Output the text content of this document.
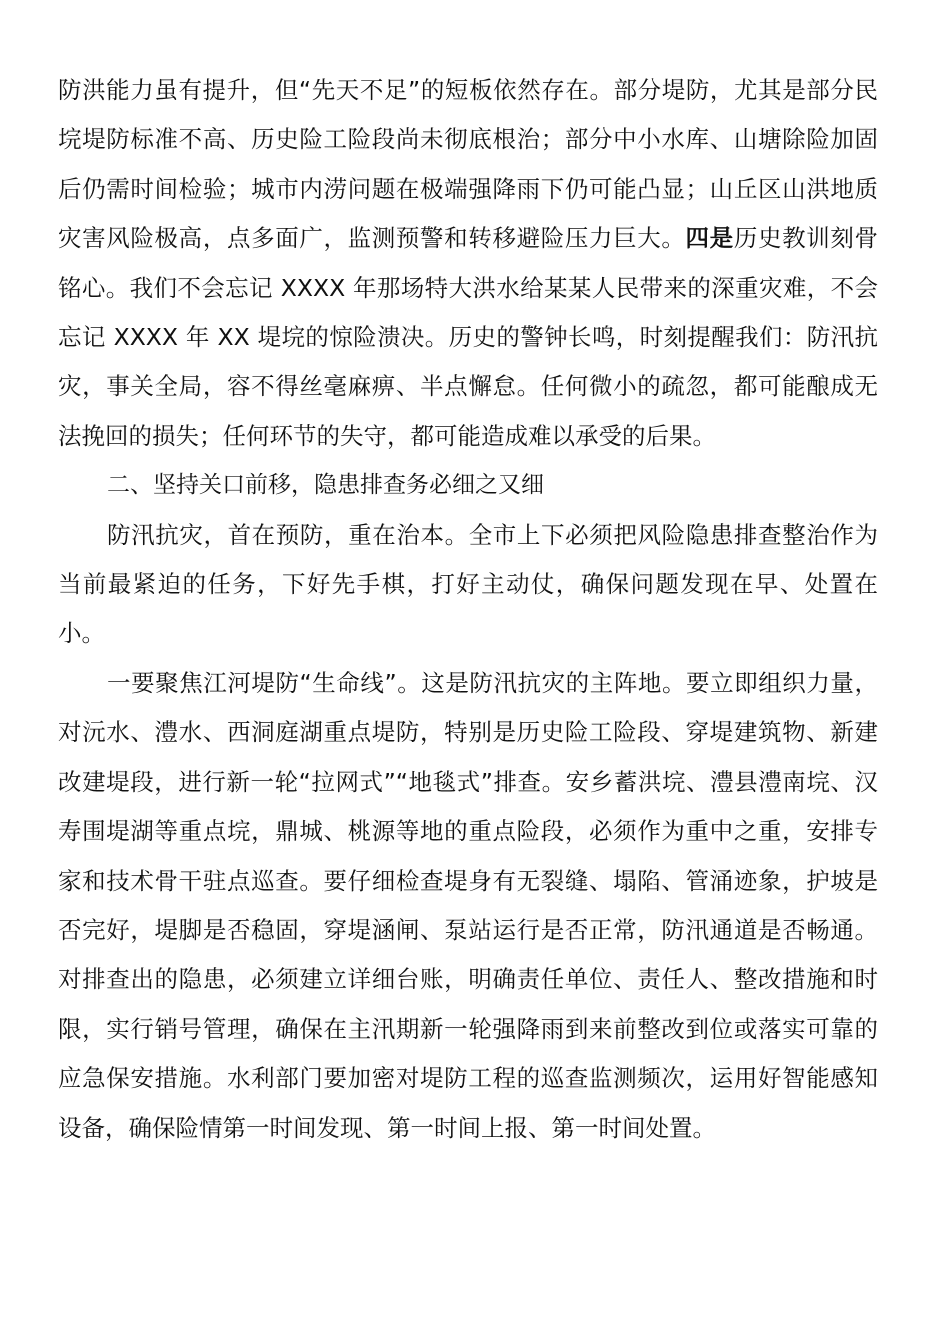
防洪能力虽有提升，但“先天不足”的短板依然存在。部分堤防，尤其是部分民垸堤防标准不高、历史险工险段尚未彻底根治；部分中小水库、山塘除险加固后仍需时间检验；城市内涝问题在极端强降雨下仍可能凸显；山丘区山洪地质灾害风险极高，点多面广，监测预警和转移避险压力巨大。四是历史教训刻骨铭心。我们不会忘记 XXXX 年那场特大洪水给某某人民带来的深重灾难，不会忘记 XXXX 年 XX 堤垸的惊险溃决。历史的警钟长鸣，时刻提醒我们：防汛抗灾，事关全局，容不得丝毫麻痹、半点懈怠。任何微小的疏忽，都可能酿成无法挽回的损失；任何环节的失守，都可能造成难以承受的后果。

二、坚持关口前移，隐患排查务必细之又细

防汛抗灾，首在预防，重在治本。全市上下必须把风险隐患排查整治作为当前最紧迫的任务，下好先手棋，打好主动仗，确保问题发现在早、处置在小。

一要聚焦江河堤防“生命线”。这是防汛抗灾的主阵地。要立即组织力量，对沅水、澧水、西洞庭湖重点堤防，特别是历史险工险段、穿堤建筑物、新建改建堤段，进行新一轮“拉网式”“地毯式”排查。安乡蓄洪垸、澧县澧南垸、汉寿围堤湖等重点垸，鼎城、桃源等地的重点险段，必须作为重中之重，安排专家和技术骨干驻点巡查。要仔细检查堤身有无裂缝、塌陷、管涌迹象，护坡是否完好，堤脚是否稳固，穿堤涵闸、泵站运行是否正常，防汛通道是否畅通。对排查出的隐患，必须建立详细台账，明确责任单位、责任人、整改措施和时限，实行销号管理，确保在主汛期新一轮强降雨到来前整改到位或落实可靠的应急保安措施。水利部门要加密对堤防工程的巡查监测频次，运用好智能感知设备，确保险情第一时间发现、第一时间上报、第一时间处置。
